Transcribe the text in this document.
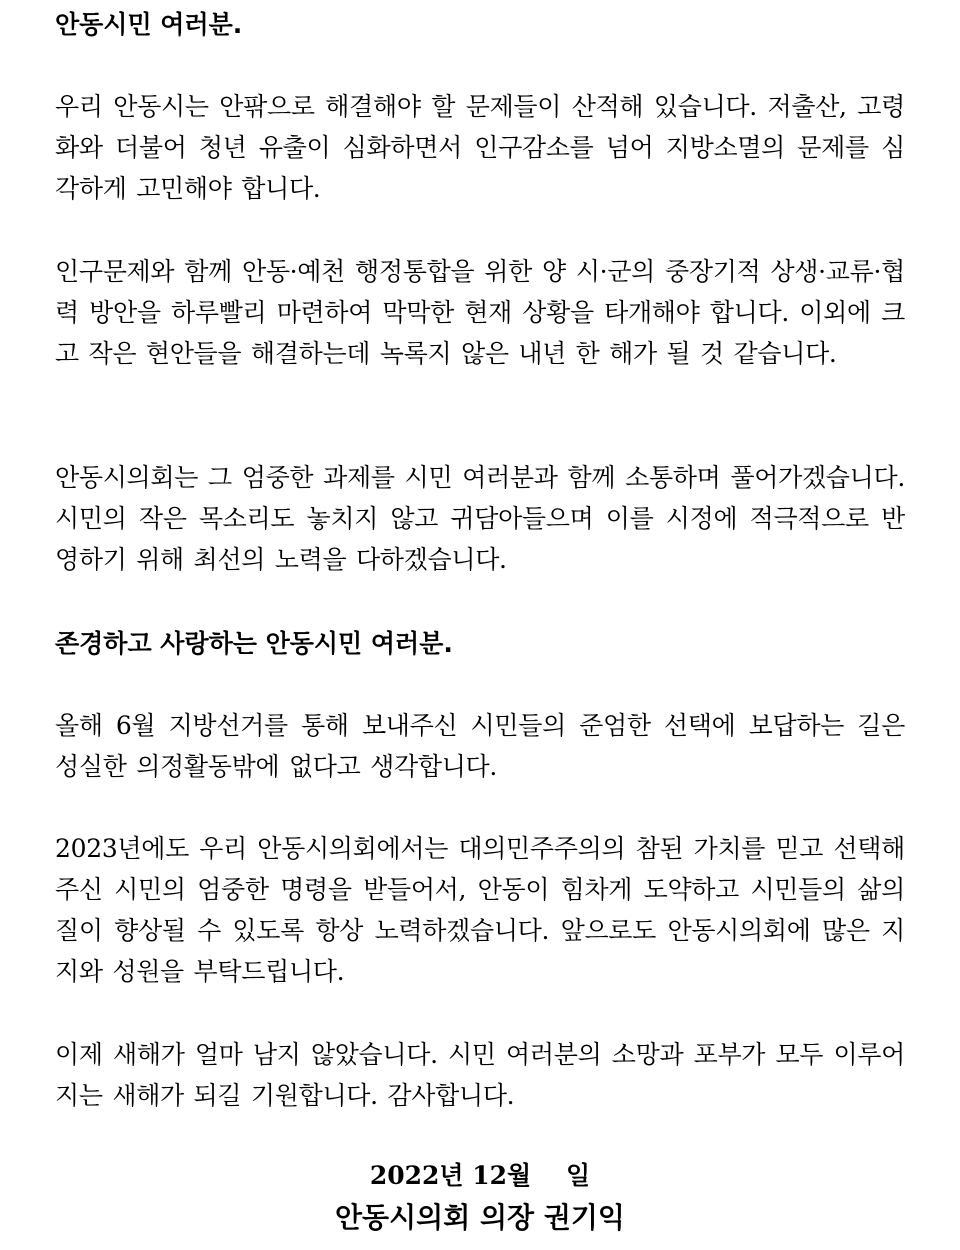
안동시민 여러분.

우리 안동시는 안팎으로 해결해야 할 문제들이 산적해 있습니다. 저출산, 고령화와 더불어 청년 유출이 심화하면서 인구감소를 넘어 지방소멸의 문제를 심각하게 고민해야 합니다.

인구문제와 함께 안동·예천 행정통합을 위한 양 시·군의 중장기적 상생·교류·협력 방안을 하루빨리 마련하여 막막한 현재 상황을 타개해야 합니다. 이외에 크고 작은 현안들을 해결하는데 녹록지 않은 내년 한 해가 될 것 같습니다.

안동시의회는 그 엄중한 과제를 시민 여러분과 함께 소통하며 풀어가겠습니다. 시민의 작은 목소리도 놓치지 않고 귀담아들으며 이를 시정에 적극적으로 반영하기 위해 최선의 노력을 다하겠습니다.

존경하고 사랑하는 안동시민 여러분.

올해 6월 지방선거를 통해 보내주신 시민들의 준엄한 선택에 보답하는 길은 성실한 의정활동밖에 없다고 생각합니다.

2023년에도 우리 안동시의회에서는 대의민주주의의 참된 가치를 믿고 선택해주신 시민의 엄중한 명령을 받들어서, 안동이 힘차게 도약하고 시민들의 삶의 질이 향상될 수 있도록 항상 노력하겠습니다. 앞으로도 안동시의회에 많은 지지와 성원을 부탁드립니다.

이제 새해가 얼마 남지 않았습니다. 시민 여러분의 소망과 포부가 모두 이루어지는 새해가 되길 기원합니다. 감사합니다.

2022년 12월    일

안동시의회 의장 권기익
